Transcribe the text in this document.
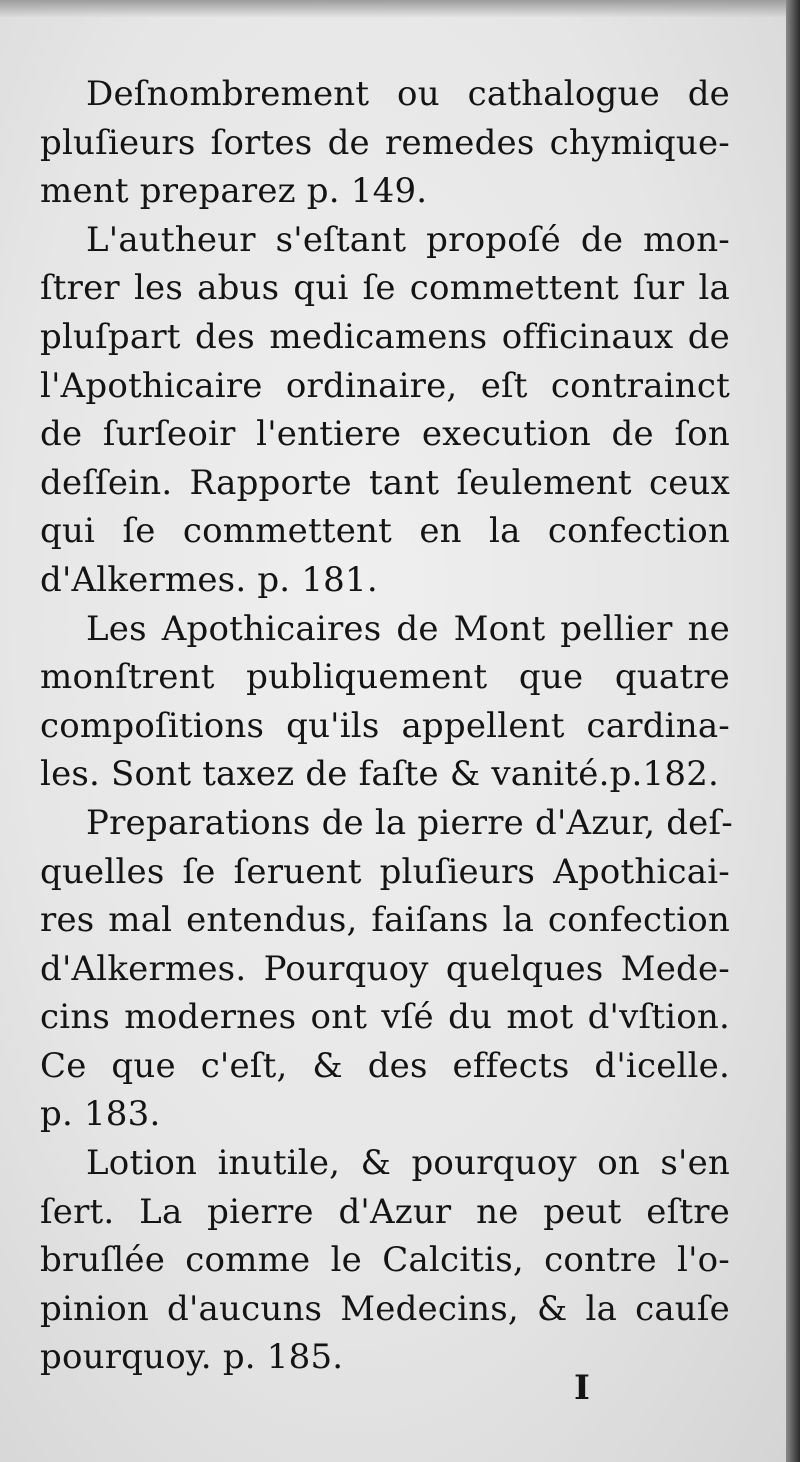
Deſnombrement ou cathalogue de
pluſieurs ſortes de remedes chymique-
ment preparez p. 149.

L'autheur s'eſtant propoſé de mon-
ſtrer les abus qui ſe commettent ſur la
pluſpart des medicamens officinaux de
l'Apothicaire ordinaire, eſt contrainct
de ſurſeoir l'entiere execution de ſon
deſſein. Rapporte tant ſeulement ceux
qui ſe commettent en la confection
d'Alkermes. p. 181.

Les Apothicaires de Mont pellier ne
monſtrent publiquement que quatre
compoſitions qu'ils appellent cardina-
les. Sont taxez de faſte & vanité.p.182.

Preparations de la pierre d'Azur, deſ-
quelles ſe ſeruent pluſieurs Apothicai-
res mal entendus, faiſans la confection
d'Alkermes. Pourquoy quelques Mede-
cins modernes ont vſé du mot d'vſtion.
Ce que c'eſt, & des effects d'icelle.
p. 183.

Lotion inutile, & pourquoy on s'en
ſert. La pierre d'Azur ne peut eſtre
bruſlée comme le Calcitis, contre l'o-
pinion d'aucuns Medecins, & la cauſe
pourquoy. p. 185.

I
